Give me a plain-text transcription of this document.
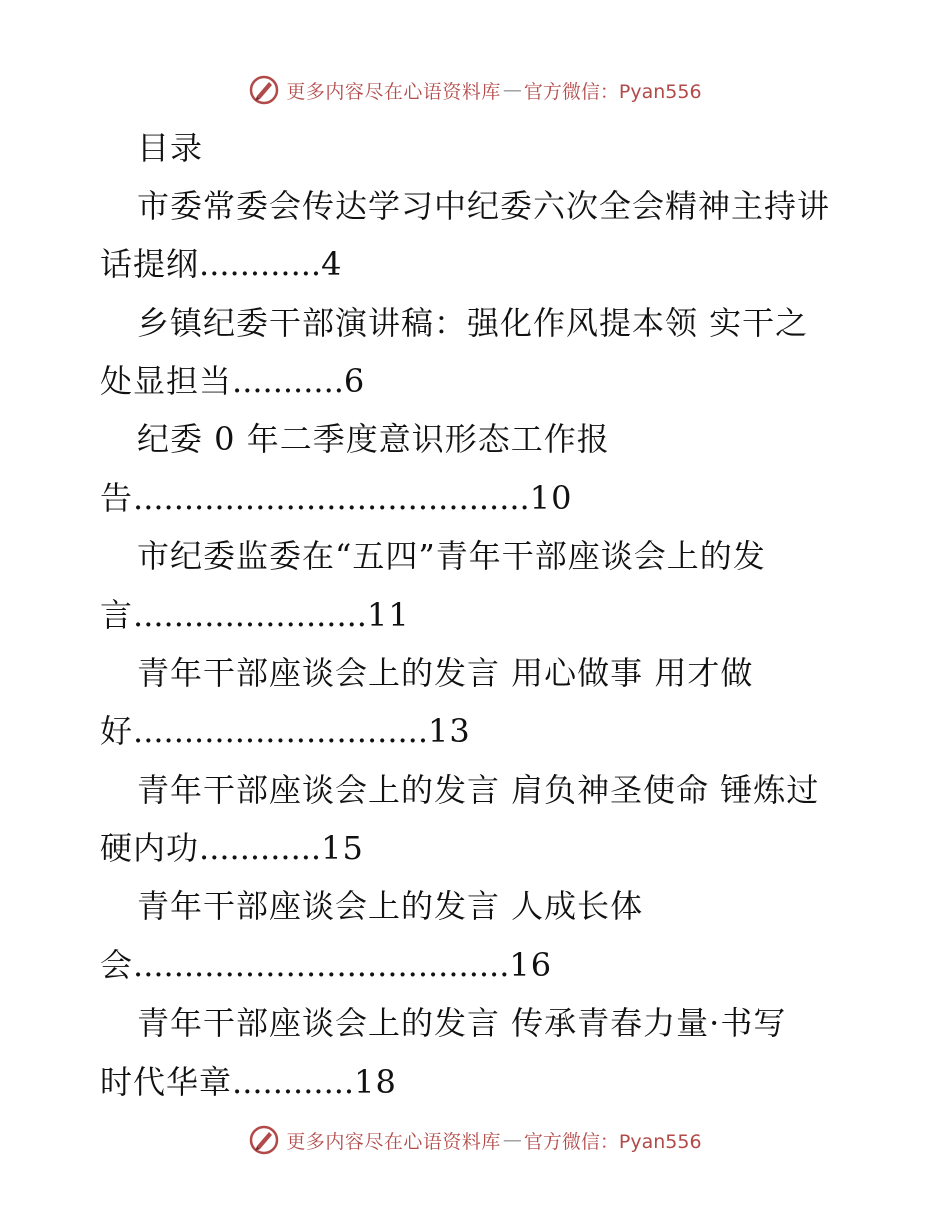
更多内容尽在心语资料库 — 官方微信：Pyan556
目录
市委常委会传达学习中纪委六次全会精神主持讲
话提纲............4
乡镇纪委干部演讲稿：强化作风提本领 实干之
处显担当...........6
纪委 0 年二季度意识形态工作报
告.......................................10
市纪委监委在“五四”青年干部座谈会上的发
言.......................11
青年干部座谈会上的发言 用心做事 用才做
好.............................13
青年干部座谈会上的发言 肩负神圣使命 锤炼过
硬内功............15
青年干部座谈会上的发言 人成长体
会.....................................16
青年干部座谈会上的发言 传承青春力量·书写
时代华章............18
更多内容尽在心语资料库 — 官方微信：Pyan556
